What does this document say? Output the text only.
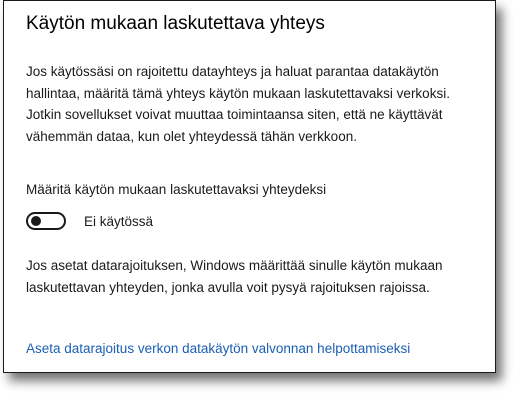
Käytön mukaan laskutettava yhteys
Jos käytössäsi on rajoitettu datayhteys ja haluat parantaa datakäytön hallintaa, määritä tämä yhteys käytön mukaan laskutettavaksi verkoksi. Jotkin sovellukset voivat muuttaa toimintaansa siten, että ne käyttävät vähemmän dataa, kun olet yhteydessä tähän verkkoon.
Määritä käytön mukaan laskutettavaksi yhteydeksi
Ei käytössä
Jos asetat datarajoituksen, Windows määrittää sinulle käytön mukaan laskutettavan yhteyden, jonka avulla voit pysyä rajoituksen rajoissa.
Aseta datarajoitus verkon datakäytön valvonnan helpottamiseksi
